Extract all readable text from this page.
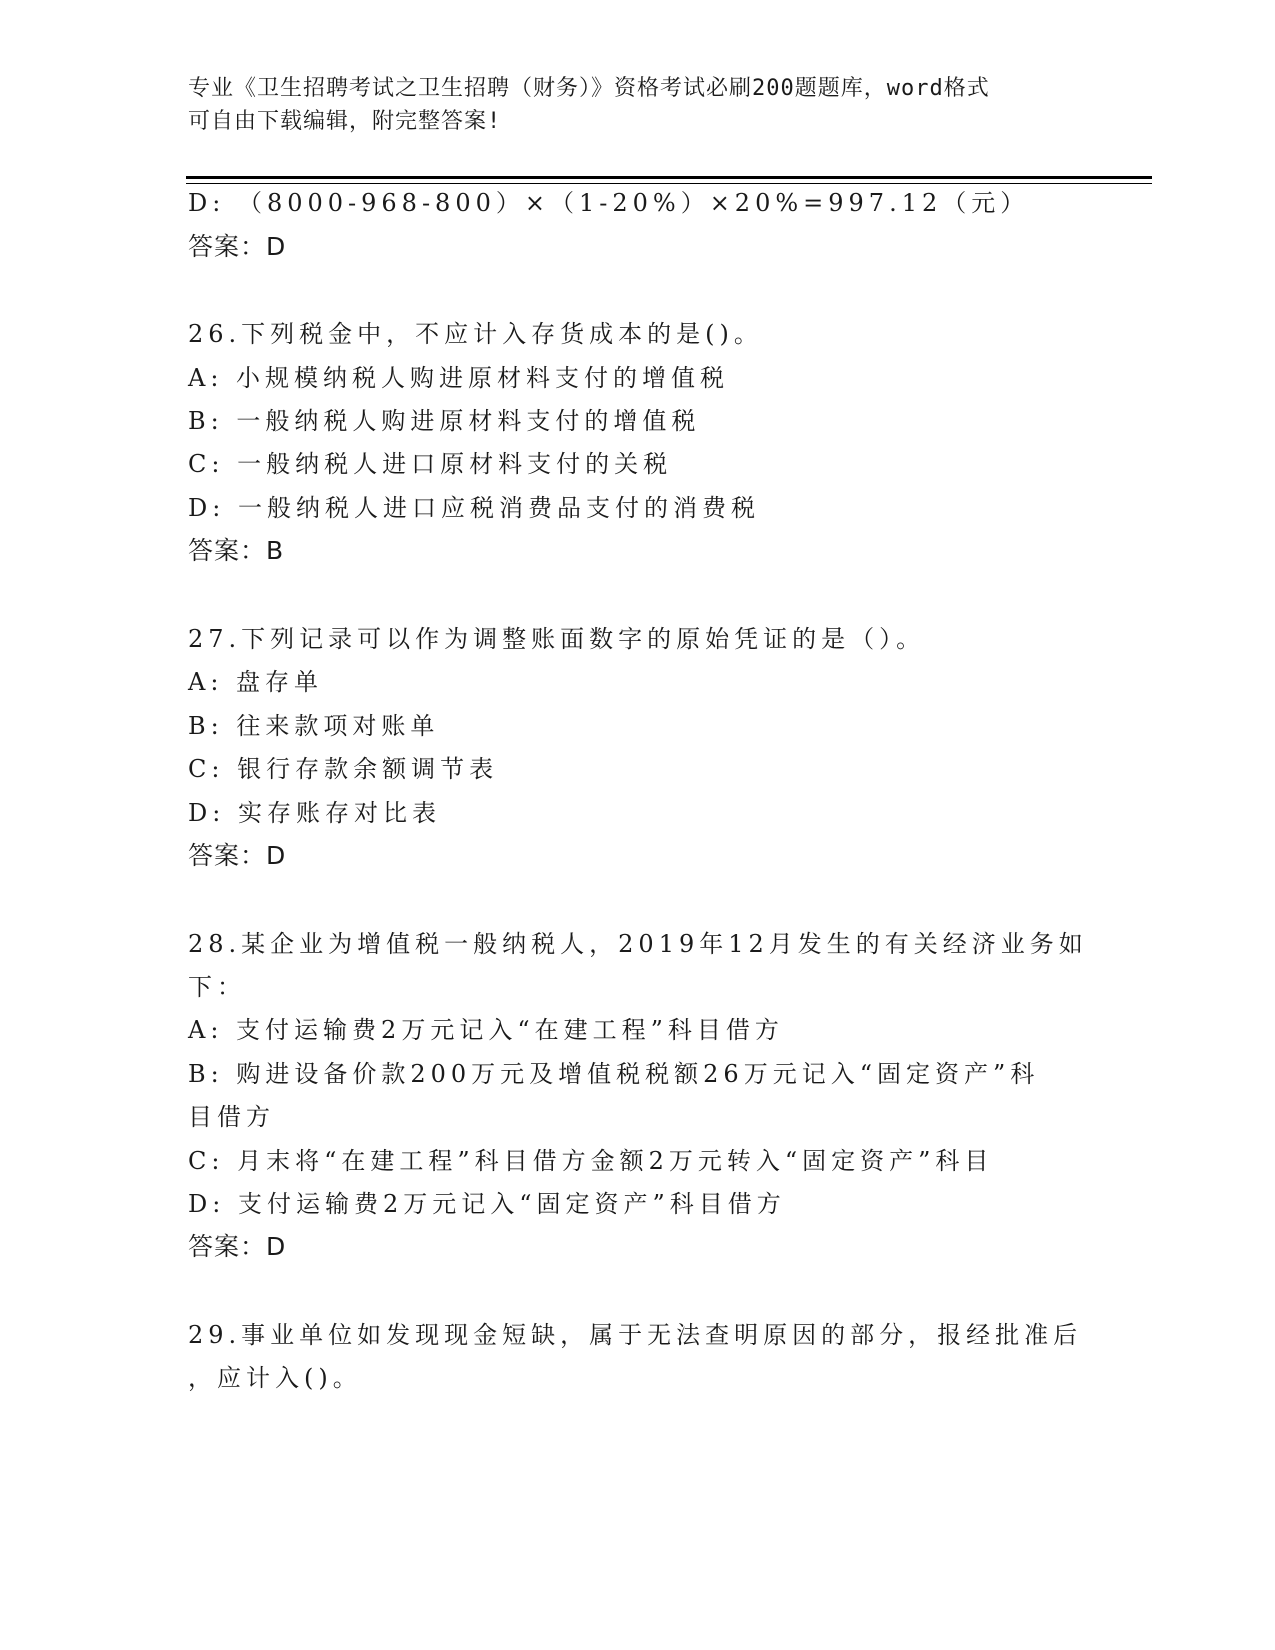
专业《卫生招聘考试之卫生招聘（财务）》资格考试必刷200题题库，word格式
可自由下载编辑，附完整答案!
D: （8000-968-800）×（1-20%）×20%=997.12（元）
答案：D
26.下列税金中，不应计入存货成本的是()。
A: 小规模纳税人购进原材料支付的增值税
B: 一般纳税人购进原材料支付的增值税
C: 一般纳税人进口原材料支付的关税
D: 一般纳税人进口应税消费品支付的消费税
答案：B
27.下列记录可以作为调整账面数字的原始凭证的是（）。
A: 盘存单
B: 往来款项对账单
C: 银行存款余额调节表
D: 实存账存对比表
答案：D
28.某企业为增值税一般纳税人，2019年12月发生的有关经济业务如
下：
A: 支付运输费2万元记入“在建工程”科目借方
B: 购进设备价款200万元及增值税税额26万元记入“固定资产”科
目借方
C: 月末将“在建工程”科目借方金额2万元转入“固定资产”科目
D: 支付运输费2万元记入“固定资产”科目借方
答案：D
29.事业单位如发现现金短缺，属于无法查明原因的部分，报经批准后
，应计入()。
